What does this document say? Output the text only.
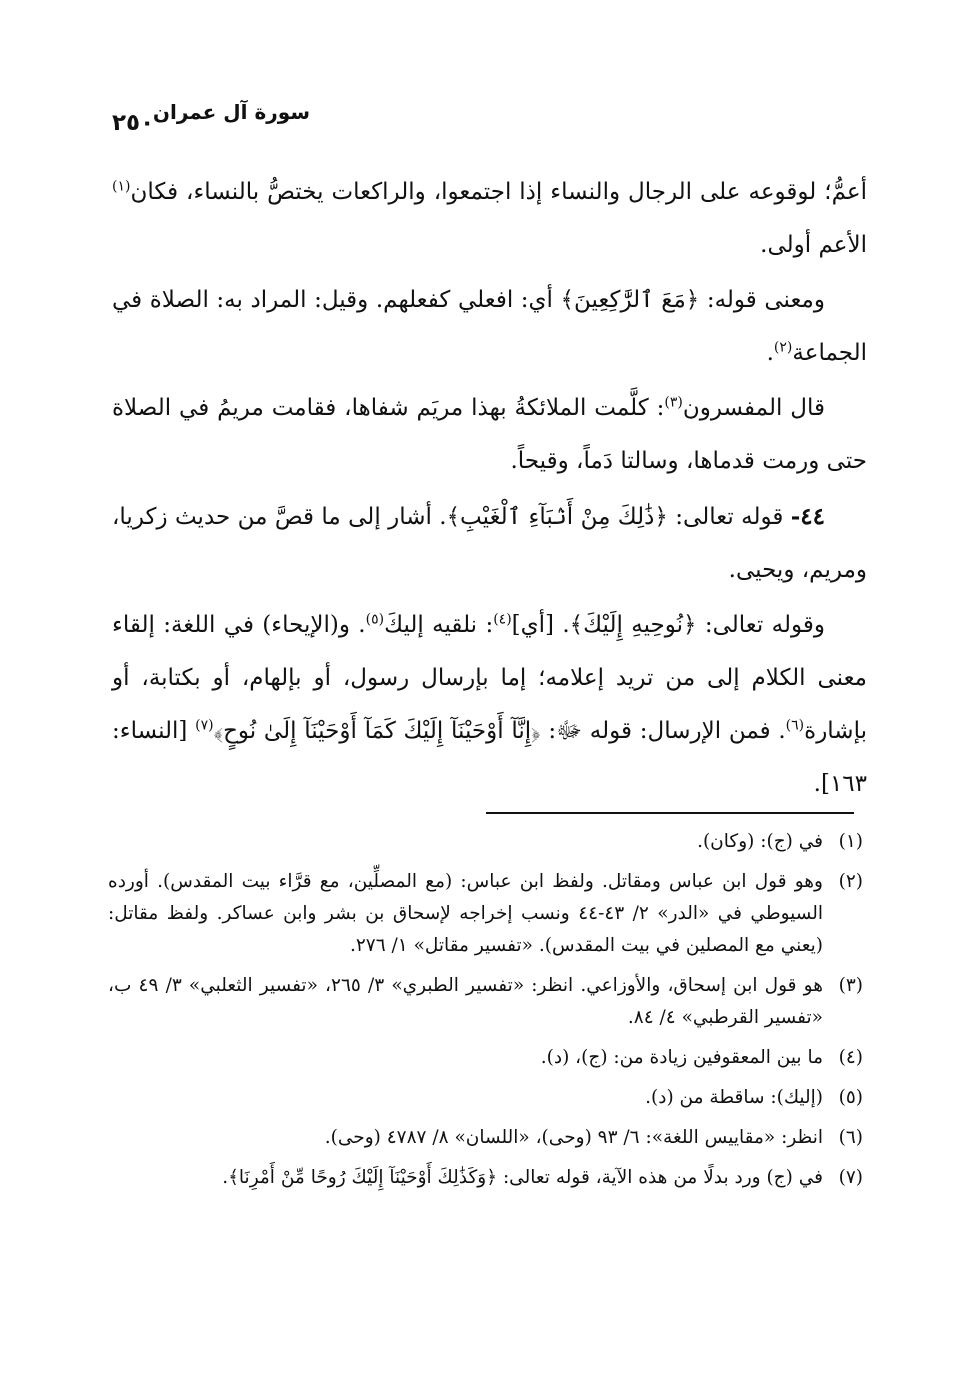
سورة آل عمران
٢٥٠

أعمُّ؛ لوقوعه على الرجال والنساء إذا اجتمعوا، والراكعات يختصُّ بالنساء، فكان$^{(١)}$ الأعم أولى.

ومعنى قوله: ﴿مَعَ ٱلرَّٰكِعِينَ﴾ أي: افعلي كفعلهم. وقيل: المراد به: الصلاة في الجماعة$^{(٢)}$.

قال المفسرون$^{(٣)}$: كلَّمت الملائكةُ بهذا مريَم شفاها، فقامت مريمُ في الصلاة حتى ورمت قدماها، وسالتا دَماً، وقيحاً.

٤٤- قوله تعالى: ﴿ذَٰلِكَ مِنْ أَنۢبَآءِ ٱلْغَيْبِ﴾. أشار إلى ما قصَّ من حديث زكريا، ومريم، ويحيى.

وقوله تعالى: ﴿نُوحِيهِ إِلَيْكَ﴾. [أي]$^{(٤)}$: نلقيه إليكَ$^{(٥)}$. و(الإيحاء) في اللغة: إلقاء معنى الكلام إلى من تريد إعلامه؛ إما بإرسال رسول، أو بإلهام، أو بكتابة، أو بإشارة$^{(٦)}$. فمن الإرسال: قوله ﷻ: ﴿إِنَّآ أَوْحَيْنَآ إِلَيْكَ كَمَآ أَوْحَيْنَآ إِلَىٰ نُوحٍ﴾$^{(٧)}$ [النساء: ١٦٣].

(١)
في (ج): (وكان).
(٢)
وهو قول ابن عباس ومقاتل. ولفظ ابن عباس: (مع المصلِّين، مع قرَّاء بيت المقدس). أورده السيوطي في «الدر» ٢/ ٤٣-٤٤ ونسب إخراجه لإسحاق بن بشر وابن عساكر. ولفظ مقاتل: (يعني مع المصلين في بيت المقدس). «تفسير مقاتل» ١/ ٢٧٦.
(٣)
هو قول ابن إسحاق، والأوزاعي. انظر: «تفسير الطبري» ٣/ ٢٦٥، «تفسير الثعلبي» ٣/ ٤٩ ب، «تفسير القرطبي» ٤/ ٨٤.
(٤)
ما بين المعقوفين زيادة من: (ج)، (د).
(٥)
(إليك): ساقطة من (د).
(٦)
انظر: «مقاييس اللغة»: ٦/ ٩٣ (وحى)، «اللسان» ٨/ ٤٧٨٧ (وحى).
(٧)
في (ج) ورد بدلًا من هذه الآية، قوله تعالى: ﴿وَكَذَٰلِكَ أَوْحَيْنَآ إِلَيْكَ رُوحًا مِّنْ أَمْرِنَا﴾.
